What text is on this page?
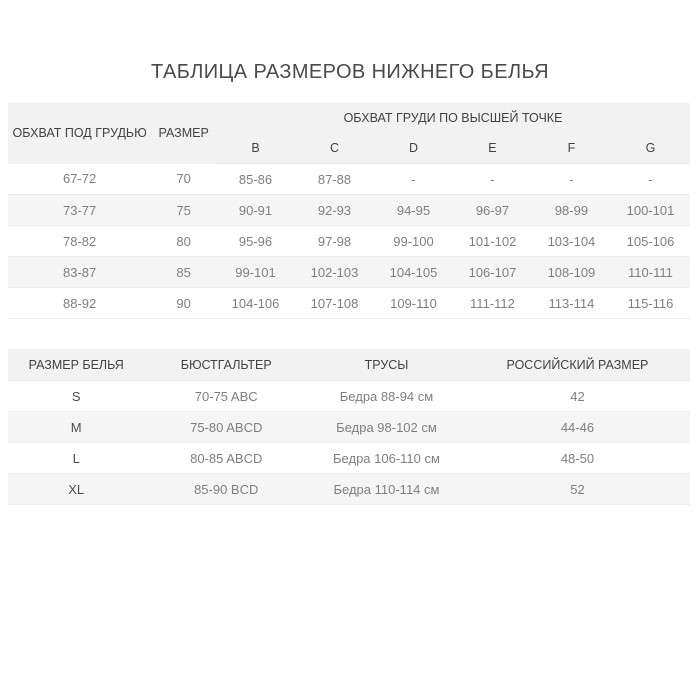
ТАБЛИЦА РАЗМЕРОВ НИЖНЕГО БЕЛЬЯ
ОБХВАТ ПОД ГРУДЬЮ	РАЗМЕР	ОБХВАТ ГРУДИ ПО ВЫСШЕЙ ТОЧКЕ					
		B	C	D	E	F	G
67-72	70	85-86	87-88	-	-	-	-
73-77	75	90-91	92-93	94-95	96-97	98-99	100-101
78-82	80	95-96	97-98	99-100	101-102	103-104	105-106
83-87	85	99-101	102-103	104-105	106-107	108-109	110-111
88-92	90	104-106	107-108	109-110	111-112	113-114	115-116
РАЗМЕР БЕЛЬЯ	БЮСТГАЛЬТЕР	ТРУСЫ	РОССИЙСКИЙ РАЗМЕР
S	70-75 ABC	Бедра 88-94 см	42
M	75-80 ABCD	Бедра 98-102 см	44-46
L	80-85 ABCD	Бедра 106-110 см	48-50
XL	85-90 BCD	Бедра 110-114 см	52
